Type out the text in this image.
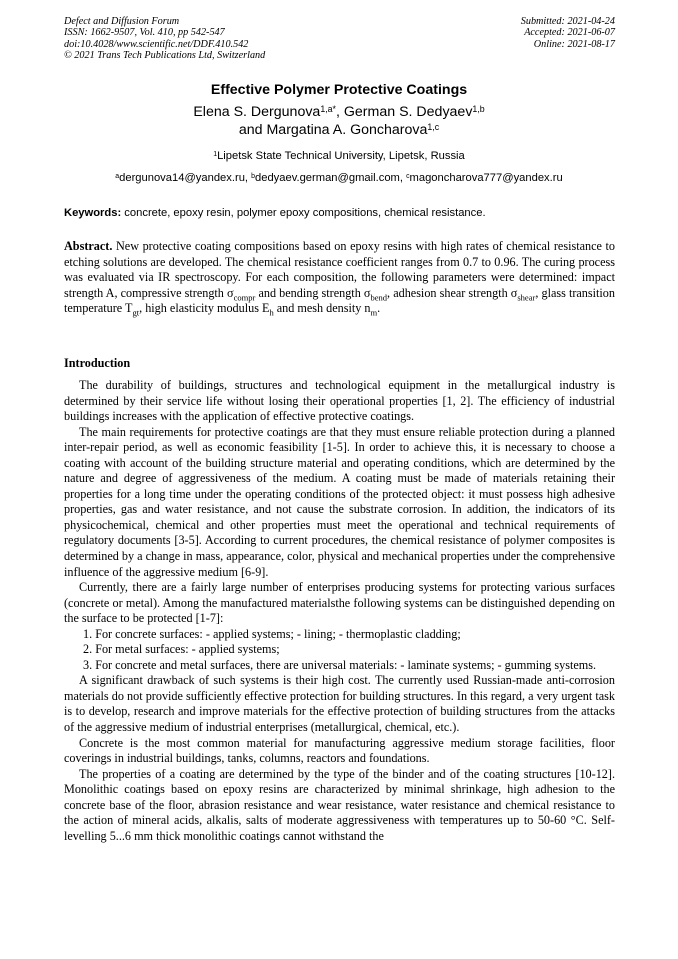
Defect and Diffusion Forum
ISSN: 1662-9507, Vol. 410, pp 542-547
doi:10.4028/www.scientific.net/DDF.410.542
© 2021 Trans Tech Publications Ltd, Switzerland
Submitted: 2021-04-24
Accepted: 2021-06-07
Online: 2021-08-17
Effective Polymer Protective Coatings
Elena S. Dergunova$^{1,a*}$, German S. Dedyaev$^{1,b}$
and Margatina A. Goncharova$^{1,c}$
$^1$Lipetsk State Technical University, Lipetsk, Russia
$^a$dergunova14@yandex.ru, $^b$dedyaev.german@gmail.com, $^c$magoncharova777@yandex.ru
Keywords: concrete, epoxy resin, polymer epoxy compositions, chemical resistance.
Abstract. New protective coating compositions based on epoxy resins with high rates of chemical resistance to etching solutions are developed. The chemical resistance coefficient ranges from 0.7 to 0.96. The curing process was evaluated via IR spectroscopy. For each composition, the following parameters were determined: impact strength A, compressive strength $\sigma_{compr}$ and bending strength $\sigma_{bend}$, adhesion shear strength $\sigma_{shear}$, glass transition temperature $T_{gt}$, high elasticity modulus $E_h$ and mesh density $n_m$.
Introduction

The durability of buildings, structures and technological equipment in the metallurgical industry is determined by their service life without losing their operational properties [1, 2]. The efficiency of industrial buildings increases with the application of effective protective coatings.

The main requirements for protective coatings are that they must ensure reliable protection during a planned inter-repair period, as well as economic feasibility [1-5]. In order to achieve this, it is necessary to choose a coating with account of the building structure material and operating conditions, which are determined by the nature and degree of aggressiveness of the medium. A coating must be made of materials retaining their properties for a long time under the operating conditions of the protected object: it must possess high adhesive properties, gas and water resistance, and not cause the substrate corrosion. In addition, the indicators of its physicochemical, chemical and other properties must meet the operational and technical requirements of regulatory documents [3-5]. According to current procedures, the chemical resistance of polymer composites is determined by a change in mass, appearance, color, physical and mechanical properties under the comprehensive influence of the aggressive medium [6-9].

Currently, there are a fairly large number of enterprises producing systems for protecting various surfaces (concrete or metal). Among the manufactured materialsthe following systems can be distinguished depending on the surface to be protected [1-7]:

1. For concrete surfaces: - applied systems; - lining; - thermoplastic cladding;

2. For metal surfaces: - applied systems;

3. For concrete and metal surfaces, there are universal materials: - laminate systems; - gumming systems.

A significant drawback of such systems is their high cost. The currently used Russian-made anti-corrosion materials do not provide sufficiently effective protection for building structures. In this regard, a very urgent task is to develop, research and improve materials for the effective protection of building structures from the attacks of the aggressive medium of industrial enterprises (metallurgical, chemical, etc.).

Concrete is the most common material for manufacturing aggressive medium storage facilities, floor coverings in industrial buildings, tanks, columns, reactors and foundations.

The properties of a coating are determined by the type of the binder and of the coating structures [10-12]. Monolithic coatings based on epoxy resins are characterized by minimal shrinkage, high adhesion to the concrete base of the floor, abrasion resistance and wear resistance, water resistance and chemical resistance to the action of mineral acids, alkalis, salts of moderate aggressiveness with temperatures up to 50-60 °C. Self-levelling 5...6 mm thick monolithic coatings cannot withstand the
